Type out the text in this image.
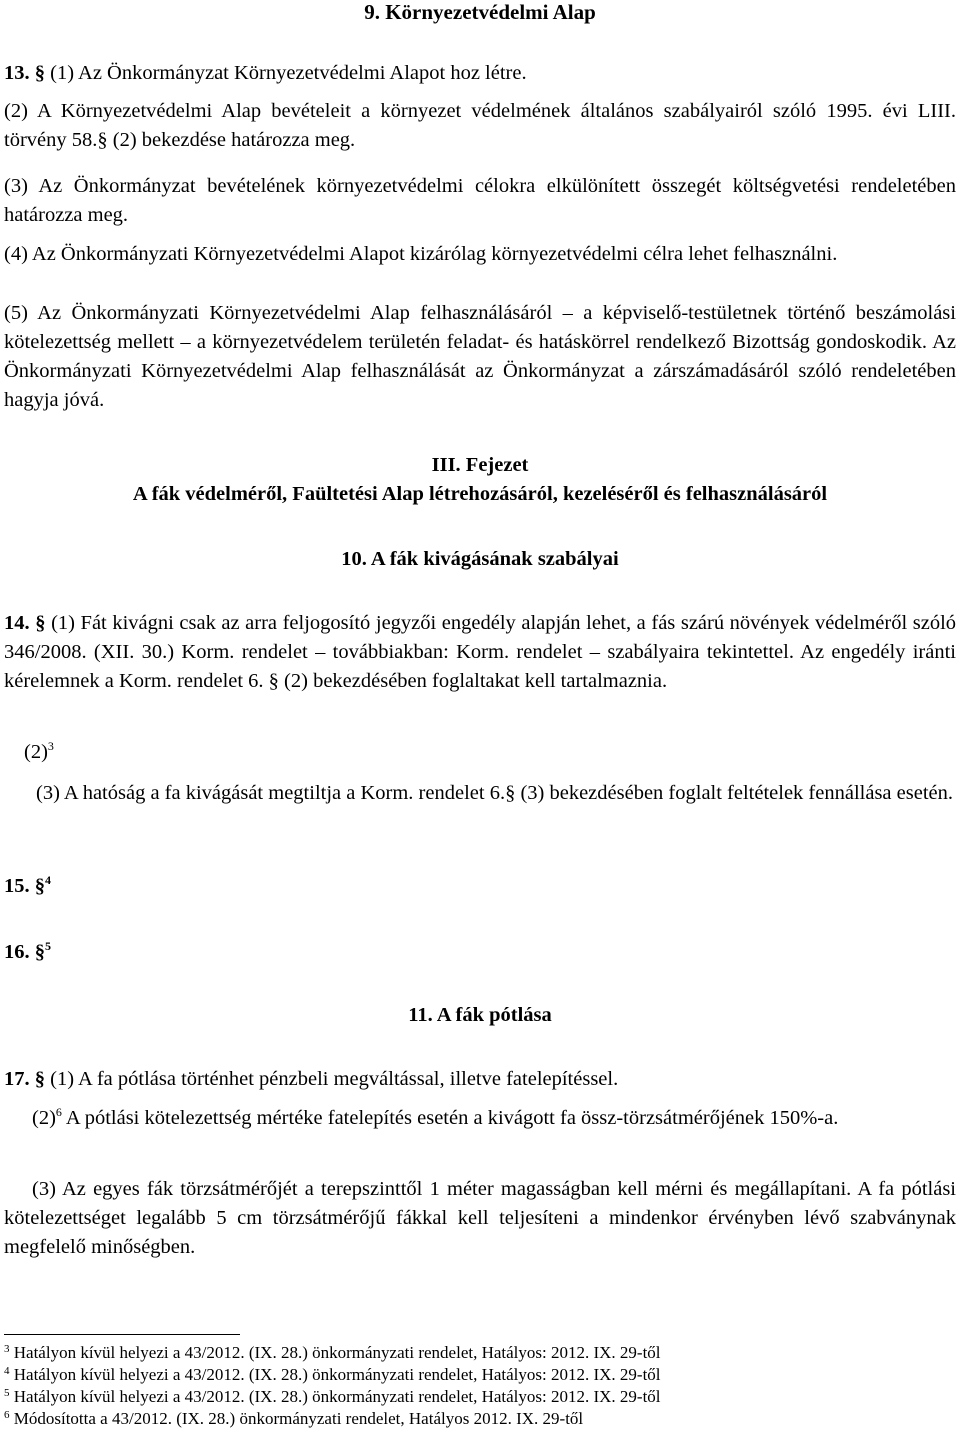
9. Környezetvédelmi Alap
13. § (1) Az Önkormányzat Környezetvédelmi Alapot hoz létre.
(2) A Környezetvédelmi Alap bevételeit a környezet védelmének általános szabályairól szóló 1995. évi LIII. törvény 58.§ (2) bekezdése határozza meg.
(3) Az Önkormányzat bevételének környezetvédelmi célokra elkülönített összegét költségvetési rendeletében határozza meg.
(4) Az Önkormányzati Környezetvédelmi Alapot kizárólag környezetvédelmi célra lehet felhasználni.
(5) Az Önkormányzati Környezetvédelmi Alap felhasználásáról – a képviselő-testületnek történő beszámolási kötelezettség mellett – a környezetvédelem területén feladat- és hatáskörrel rendelkező Bizottság gondoskodik. Az Önkormányzati Környezetvédelmi Alap felhasználását az Önkormányzat a zárszámadásáról szóló rendeletében hagyja jóvá.
III. Fejezet
A fák védelméről, Faültetési Alap létrehozásáról, kezeléséről és felhasználásáról
10. A fák kivágásának szabályai
14. § (1) Fát kivágni csak az arra feljogosító jegyzői engedély alapján lehet, a fás szárú növények védelméről szóló 346/2008. (XII. 30.) Korm. rendelet – továbbiakban: Korm. rendelet – szabályaira tekintettel. Az engedély iránti kérelemnek a Korm. rendelet 6. § (2) bekezdésében foglaltakat kell tartalmaznia.
$(2)^3$
(3) A hatóság a fa kivágását megtiltja a Korm. rendelet 6.§ (3) bekezdésében foglalt feltételek fennállása esetén.
15. §$^4$
16. §$^5$
11. A fák pótlása
17. § (1) A fa pótlása történhet pénzbeli megváltással, illetve fatelepítéssel.
$(2)^6$ A pótlási kötelezettség mértéke fatelepítés esetén a kivágott fa össz-törzsátmérőjének 150%-a.
(3) Az egyes fák törzsátmérőjét a terepszinttől 1 méter magasságban kell mérni és megállapítani. A fa pótlási kötelezettséget legalább 5 cm törzsátmérőjű fákkal kell teljesíteni a mindenkor érvényben lévő szabványnak megfelelő minőségben.
$^3$ Hatályon kívül helyezi a 43/2012. (IX. 28.) önkormányzati rendelet, Hatályos: 2012. IX. 29-től
$^4$ Hatályon kívül helyezi a 43/2012. (IX. 28.) önkormányzati rendelet, Hatályos: 2012. IX. 29-től
$^5$ Hatályon kívül helyezi a 43/2012. (IX. 28.) önkormányzati rendelet, Hatályos: 2012. IX. 29-től
$^6$ Módosította a 43/2012. (IX. 28.) önkormányzati rendelet, Hatályos 2012. IX. 29-től
